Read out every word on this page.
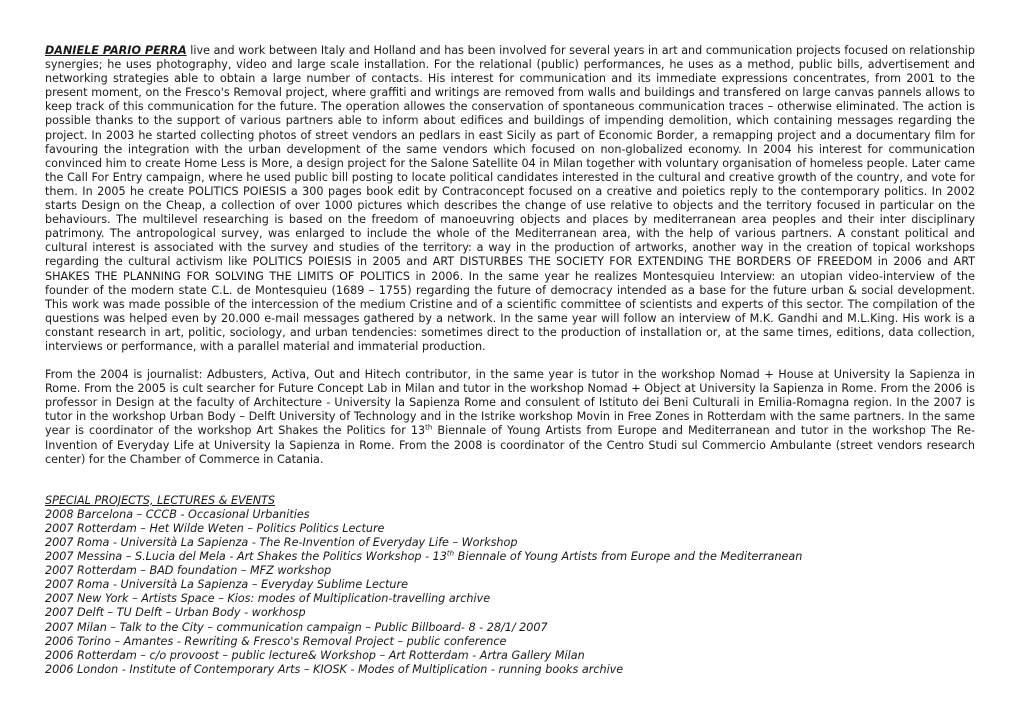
DANIELE PARIO PERRA live and work between Italy and Holland and has been involved for several years in art and communication projects focused on relationship synergies; he uses photography, video and large scale installation. For the relational (public) performances, he uses as a method, public bills, advertisement and networking strategies able to obtain a large number of contacts. His interest for communication and its immediate expressions concentrates, from 2001 to the present moment, on the Fresco's Removal project, where graffiti and writings are removed from walls and buildings and transfered on large canvas pannels allows to keep track of this communication for the future. The operation allowes the conservation of spontaneous communication traces – otherwise eliminated. The action is possible thanks to the support of various partners able to inform about edifices and buildings of impending demolition, which containing messages regarding the project. In 2003 he started collecting photos of street vendors an pedlars in east Sicily as part of Economic Border, a remapping project and a documentary film for favouring the integration with the urban development of the same vendors which focused on non-globalized economy. In 2004 his interest for communication convinced him to create Home Less is More, a design project for the Salone Satellite 04 in Milan together with voluntary organisation of homeless people. Later came the Call For Entry campaign, where he used public bill posting to locate political candidates interested in the cultural and creative growth of the country, and vote for them. In 2005 he create POLITICS POIESIS a 300 pages book edit by Contraconcept focused on a creative and poietics reply to the contemporary politics. In 2002 starts Design on the Cheap, a collection of over 1000 pictures which describes the change of use relative to objects and the territory focused in particular on the behaviours. The multilevel researching is based on the freedom of manoeuvring objects and places by mediterranean area peoples and their inter disciplinary patrimony. The antropological survey, was enlarged to include the whole of the Mediterranean area, with the help of various partners. A constant political and cultural interest is associated with the survey and studies of the territory: a way in the production of artworks, another way in the creation of topical workshops regarding the cultural activism like POLITICS POIESIS in 2005 and ART DISTURBES THE SOCIETY FOR EXTENDING THE BORDERS OF FREEDOM in 2006 and ART SHAKES THE PLANNING FOR SOLVING THE LIMITS OF POLITICS in 2006. In the same year he realizes Montesquieu Interview: an utopian video-interview of the founder of the modern state C.L. de Montesquieu (1689 – 1755) regarding the future of democracy intended as a base for the future urban & social development. This work was made possible of the intercession of the medium Cristine and of a scientific committee of scientists and experts of this sector. The compilation of the questions was helped even by 20.000 e-mail messages gathered by a network. In the same year will follow an interview of M.K. Gandhi and M.L.King. His work is a constant research in art, politic, sociology, and urban tendencies: sometimes direct to the production of installation or, at the same times, editions, data collection, interviews or performance, with a parallel material and immaterial production.

From the 2004 is journalist: Adbusters, Activa, Out and Hitech contributor, in the same year is tutor in the workshop Nomad + House at University la Sapienza in Rome. From the 2005 is cult searcher for Future Concept Lab in Milan and tutor in the workshop Nomad + Object at University la Sapienza in Rome. From the 2006 is professor in Design at the faculty of Architecture - University la Sapienza Rome and consulent of Istituto dei Beni Culturali in Emilia-Romagna region. In the 2007 is tutor in the workshop Urban Body – Delft University of Technology and in the Istrike workshop Movin in Free Zones in Rotterdam with the same partners. In the same year is coordinator of the workshop Art Shakes the Politics for 13th Biennale of Young Artists from Europe and Mediterranean and tutor in the workshop The Re-Invention of Everyday Life at University la Sapienza in Rome. From the 2008 is coordinator of the Centro Studi sul Commercio Ambulante (street vendors research center) for the Chamber of Commerce in Catania.

SPECIAL PROJECTS, LECTURES & EVENTS
2008 Barcelona – CCCB - Occasional Urbanities
2007 Rotterdam – Het Wilde Weten – Politics Politics Lecture
2007 Roma - Università La Sapienza - The Re-Invention of Everyday Life – Workshop
2007 Messina – S.Lucia del Mela - Art Shakes the Politics Workshop - 13th Biennale of Young Artists from Europe and the Mediterranean
2007 Rotterdam – BAD foundation – MFZ workshop
2007 Roma - Università La Sapienza – Everyday Sublime Lecture
2007 New York – Artists Space – Kios: modes of Multiplication-travelling archive
2007 Delft – TU Delft – Urban Body - workhosp
2007 Milan – Talk to the City – communication campaign – Public Billboard- 8 - 28/1/ 2007
2006 Torino – Amantes - Rewriting & Fresco's Removal Project – public conference
2006 Rotterdam – c/o provoost – public lecture& Workshop – Art Rotterdam - Artra Gallery Milan
2006 London - Institute of Contemporary Arts – KIOSK - Modes of Multiplication - running books archive
